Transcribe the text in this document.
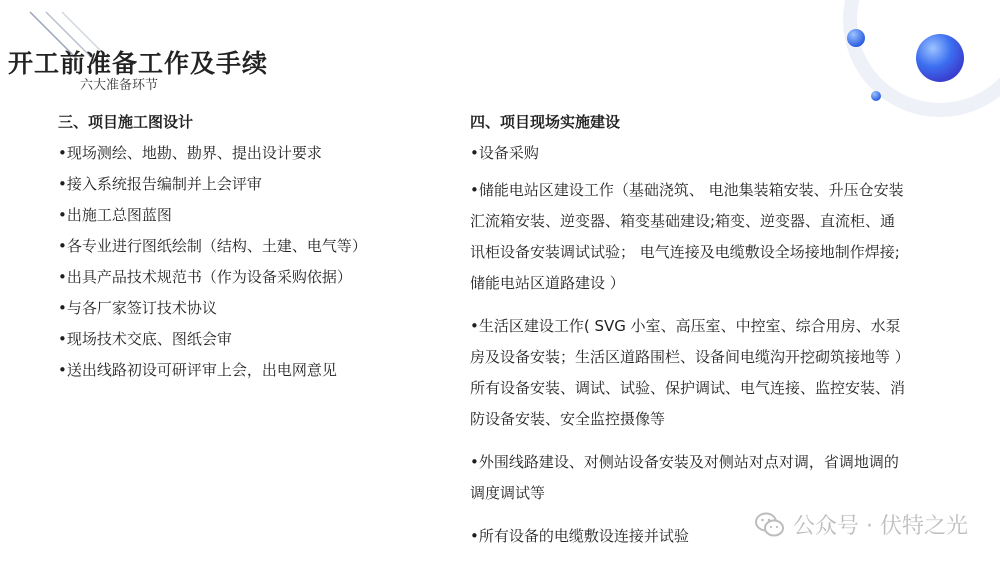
开工前准备工作及手续
六大准备环节
三、项目施工图设计
•现场测绘、地勘、勘界、提出设计要求
•接入系统报告编制并上会评审
•出施工总图蓝图
•各专业进行图纸绘制（结构、土建、电气等）
•出具产品技术规范书（作为设备采购依据）
•与各厂家签订技术协议
•现场技术交底、图纸会审
•送出线路初设可研评审上会，出电网意见
四、项目现场实施建设
•设备采购
•储能电站区建设工作（基础浇筑、 电池集装箱安装、升压仓安装
汇流箱安装、逆变器、箱变基础建设;箱变、逆变器、直流柜、通
讯柜设备安装调试试验； 电气连接及电缆敷设全场接地制作焊接;
储能电站区道路建设 ）
•生活区建设工作( SVG 小室、高压室、中控室、综合用房、水泵
房及设备安装；生活区道路围栏、设备间电缆沟开挖砌筑接地等 ）
所有设备安装、调试、试验、保护调试、电气连接、监控安装、消
防设备安装、安全监控摄像等
•外围线路建设、对侧站设备安装及对侧站对点对调，省调地调的
调度调试等
•所有设备的电缆敷设连接并试验	公众号 · 伏特之光
